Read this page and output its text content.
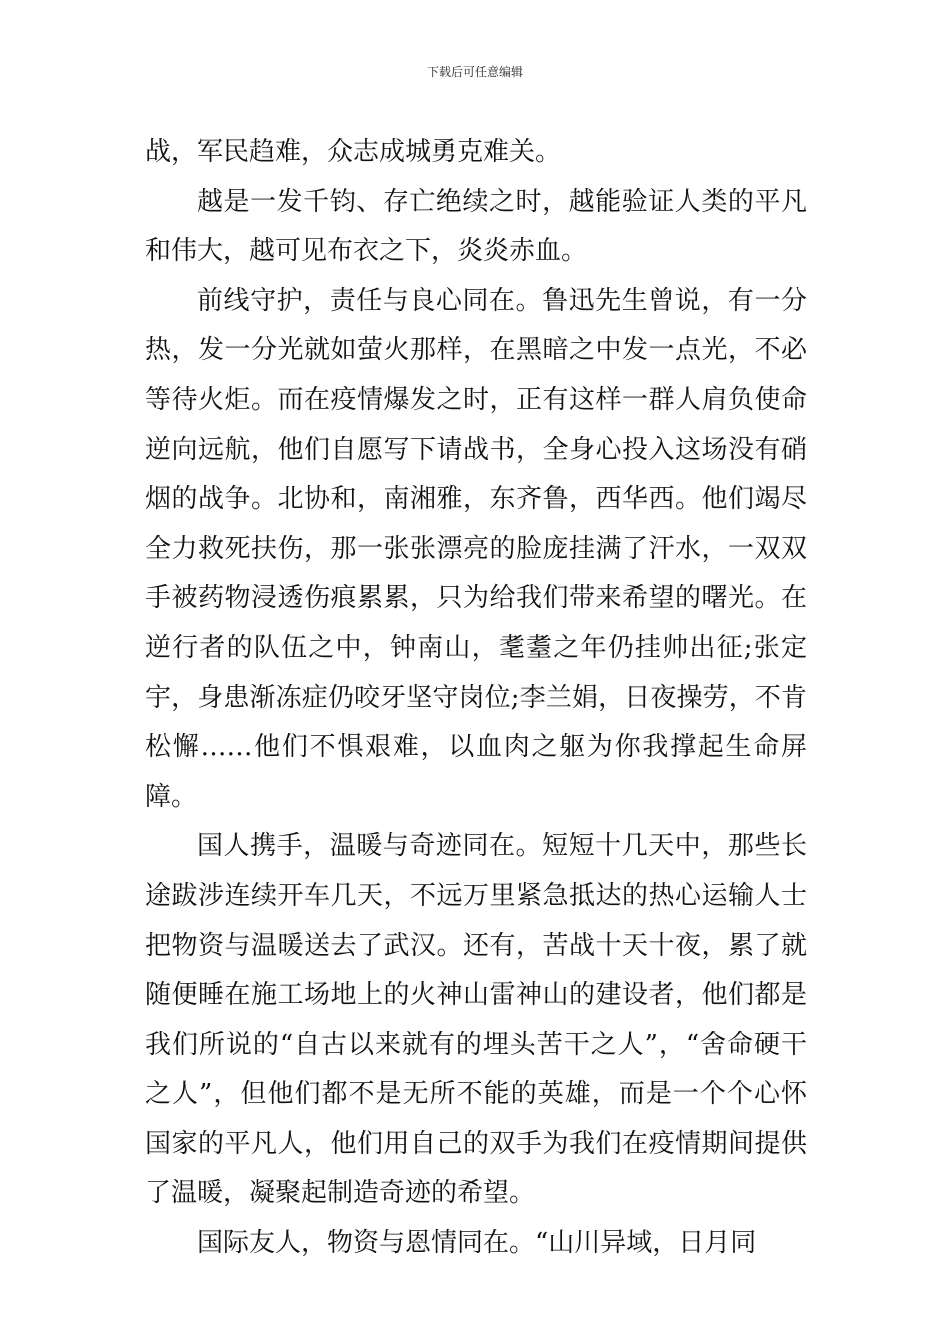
下载后可任意编辑

战，军民趋难，众志成城勇克难关。

越是一发千钧、存亡绝续之时，越能验证人类的平凡和伟大，越可见布衣之下，炎炎赤血。

前线守护，责任与良心同在。鲁迅先生曾说，有一分热，发一分光就如萤火那样，在黑暗之中发一点光，不必等待火炬。而在疫情爆发之时，正有这样一群人肩负使命逆向远航，他们自愿写下请战书，全身心投入这场没有硝烟的战争。北协和，南湘雅，东齐鲁，西华西。他们竭尽全力救死扶伤，那一张张漂亮的脸庞挂满了汗水，一双双手被药物浸透伤痕累累，只为给我们带来希望的曙光。在逆行者的队伍之中，钟南山，耄耋之年仍挂帅出征;张定宇，身患渐冻症仍咬牙坚守岗位;李兰娟，日夜操劳，不肯松懈……他们不惧艰难，以血肉之躯为你我撑起生命屏障。

国人携手，温暖与奇迹同在。短短十几天中，那些长途跋涉连续开车几天，不远万里紧急抵达的热心运输人士把物资与温暖送去了武汉。还有，苦战十天十夜，累了就随便睡在施工场地上的火神山雷神山的建设者，他们都是我们所说的“自古以来就有的埋头苦干之人”，“舍命硬干之人”，但他们都不是无所不能的英雄，而是一个个心怀国家的平凡人，他们用自己的双手为我们在疫情期间提供了温暖，凝聚起制造奇迹的希望。

国际友人，物资与恩情同在。“山川异域，日月同
